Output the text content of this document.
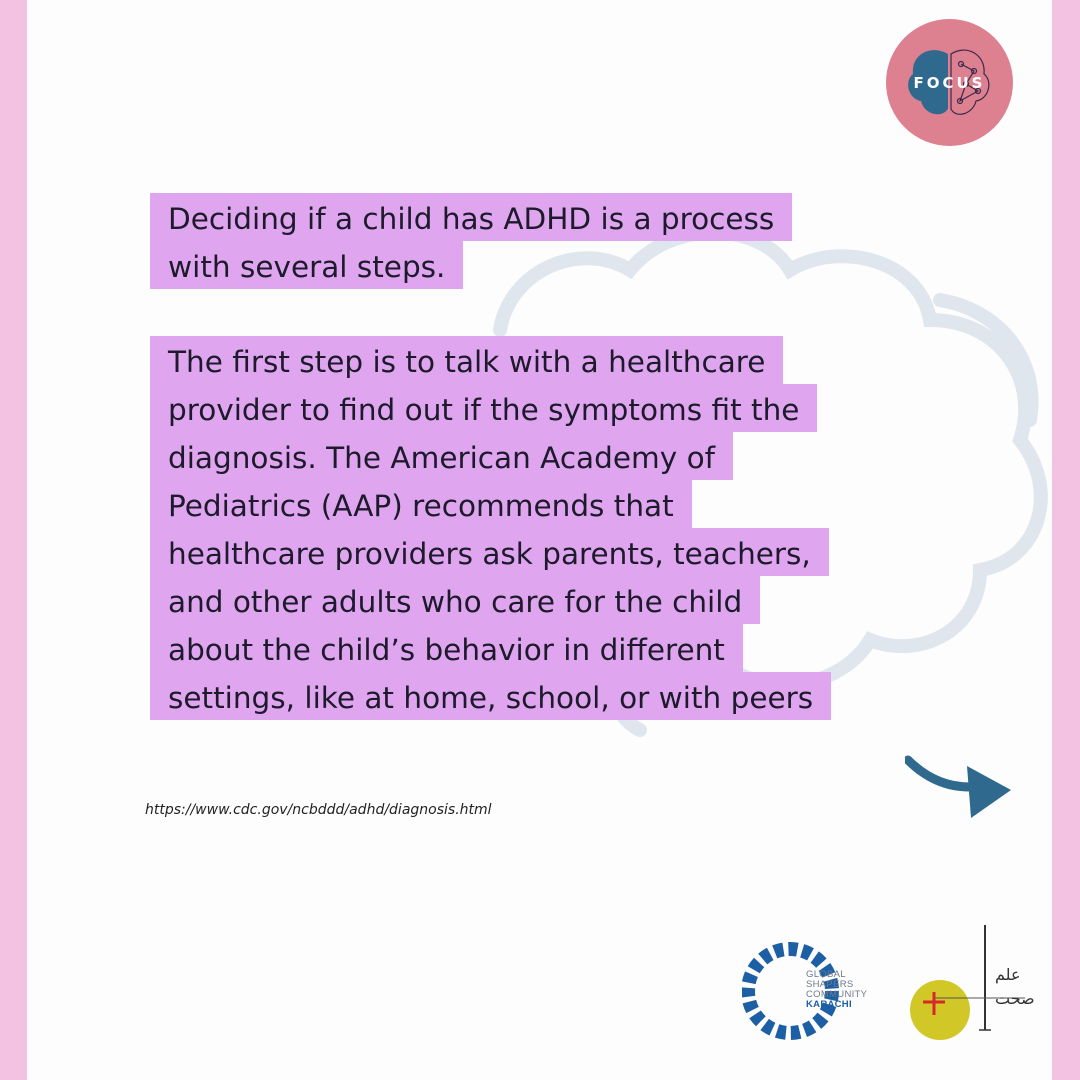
Deciding if a child has ADHD is a process
with several steps.
The first step is to talk with a healthcare
provider to find out if the symptoms fit the
diagnosis. The American Academy of
Pediatrics (AAP) recommends that
healthcare providers ask parents, teachers,
and other adults who care for the child
about the child’s behavior in different
settings, like at home, school, or with peers
FOCUS
https://www.cdc.gov/ncbddd/adhd/diagnosis.html
GLOBAL
SHAPERS
COMMUNITY
KARACHI
علم
صحت
